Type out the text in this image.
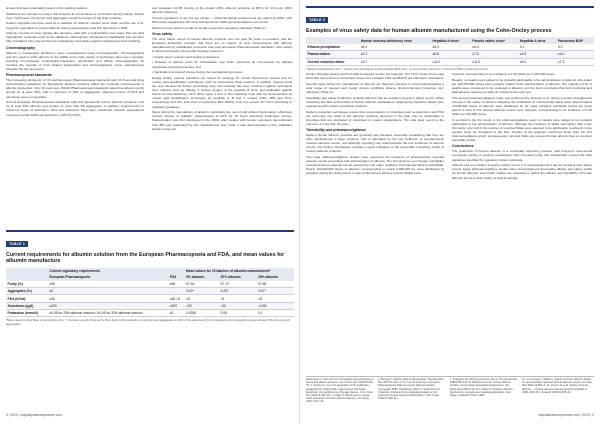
viruses that were potentially present in the starting material.

Stabilisers are included to ensure that proteins do not denature or recombine during heating: without them, high levels of polymers and aggregates would be present in the final container.

Sodium caprylate has been used as a stabiliser for albumin solution since 1944, and the use of N-acetyl-DL-tryptophan to protect albumin during pasteurisation was first described in 1958.

Albumin consists of three cylinder-like domains, each with a hydrophobic inner space that can bind hydrophobic molecules such as the stabilisers. Although the mechanism of stabilisation has not been fully elucidated, they may function by maintaining irreversible reactions following thermal unfolding.

Chromatography

Albumin is occasionally purified by some manufacturers using chromatography. Chromatography was first used to purify albumin in the 1980s and a wide variety of techniques have been reported, including ion-exchange, hydrophobic-interaction, gel-filtration and affinity chromatography. To combine the benefits of both ethanol fractionation and chromatography, some manufacturers integrate the two processes.

Pharmacopoeial standards

The increasing stringency of US and European Pharmacopoeial standards and US Food and Drug Administration guidelines for therapeutic albumin solutions reflect the continual improvements in albumin production. Only 20 years ago, British Pharmacopoeial standards stated that albumin purity should be at least 95%, with a maximum of 10% of aggregates. Maximum levels of PKA and aluminium were not specified.

Current European Pharmacopoeial standards state that therapeutic human albumin solutions must be at least 95% albumin and contain no more than 5% aggregates. In addition, requirements for maximum levels of aluminium, PKA and potassium have been introduced. Albumin preparations must now contain ≤200 µg/l aluminium, ≤35 IU/ml PKA

and potassium ≤0.05 mmol/g of the protein (≤5% albumin solutions at 60°C) for 10 hours (20% albumin solutions).

Current regulations in the US are similar — Pharmacopoeial requirements are stated at ≥96%, with PKA levels regulated at ≤10 IU/ml and aluminium ≤200 µg/l and potassium ≤2 mmol/l.

Modern human albumin products usually exceed the regulatory standards (Table 1).

Virus safety

The virus safety record of human albumin products over the past 60 years is excellent, and the European authorities consider that there are no reports of virus transmissions with albumin manufactured by established processes that meet European Pharmacopoeial standards. Virus safety is achieved through a three-pillar strategy, based on:

• Careful donor selection and testing of donations

• Release of plasma pools for fractionation only when confirmed as non-reactive for defined transfusion-transmitted viruses, and

• Inactivation/removal of viruses during the manufacturing process.

During testing, plasma donations are tested for serology for certain blood-borne viruses and for nucleic acid amplification techniques, such as polymerase chain reaction. In addition, plasma pools are only released for further processing once non-reactivity has been confirmed against serological virus markers such as HBsAg, a surface antigen of the hepatitis B virus, and antibodies against human immunodeficiency virus (HIV) types 1 and 2. Non-reactivity must also be demonstrated by nucleic acid amplification techniques for hepatitis A, B and C viruses (HAV, HBV and HCV, respectively) and HIV, and titres of parvovirus B19 (B19V) must not exceed 10⁴ IU/ml according to regulatory guidance.

Steps during the manufacture of albumin, particularly the use of cold ethanol fractionation, effectively remove viruses. In addition, pasteurisation at 60°C for 10 hours effectively inactivates viruses. Pasteurisation was first introduced in the 1940s after studies with human volunteers demonstrated that HBV was inactivated by this manufacturing step. Later, it was demonstrated in virus validation studies using cell

TABLE 1
Current requirements for albumin solution from the European Pharmacopoeia and FDA, and mean values for albumin manufacture
	Current regulatory requirements		Mean values for 20 batches of albumin manufactured*		
	European Pharmacopoeia	FDA	5% albumin	20% albumin	25% albumin
Purity (%)	≥95	≥96	97.94	97.70	97.65
Aggregates (%)	≤5	–	3.00*	4.25*	3.67*
PKA (IU/ml)	≤35	≤35 / 8	<8	<8	<8
Aluminium (µg/l)	≤200	≤200	<20	<20	<4.55
Potassium (mmol/l)	≤0.05 for 25% albumin solution / ≤0.05 for 20% albumin solution	≤2	0.0035	0.05	0.1
*Mean value for either Base or Hydrophobic form; † Company-specific limits set by FDA; Alerts of the production to polymers and aggregates is ≤10% of the total area of the chromatogram (corresponding to approximately 5% polymers and aggregates).
8 | 2020 | hospitalpharmacyeurope.com
TABLE 2
Examples of virus safety data for human albumin manufactured using the Cohn-Oncley process
	Human immuno-deficiency virus	Hepatitis A virus*	Pseudo rabies virus*	Hepatitis A virus	Parvovirus B19*
Ethanol precipitation	≥5.1	≥5.3	≥4.4	4.1	3.3
Pasteurisation	≥4.7	≥6.8	≥7.5	≥4.9	≥4.0
Overall reduction factor	≥9.7	≥12.1	≥11.9	≥9.0	≥7.3
* Bovine viral diarrhoea virus; † Herpes virus homologue; double-stranded RNA virus – a non-specific model virus; ‡ Parvovirus B19 or canine parvovirus

culture infectivity assays that both lipid-enveloped viruses (for example, HIV, HCV model viruses and West Nile virus) and non-enveloped viruses (for example, HAV and B19V) are effectively inactivated.

Specific steps during the manufacture of albumin are therefore effective in removing/inactivating a wide range of relevant and model viruses exhibiting diverse physicochemical properties very effectively (Table 2).

Tolerability and safety of albumin products Albumin has an excellent long-term safety record. When assessing the risks and benefits of human albumin preparations, judgements should be based upon experience with modern production products.

Modern production techniques ensure that concentrations of impurities such as aluminium and PKA are extremely low. Most of the adverse reactions observed in the past may be attributable to impurities that are eliminated or minimised in modern preparations. The safe track record is the outcome of more than 30 years.

Tolerability and pharmacovigilance

Modern human albumin products are generally well tolerated, especially considering that they are often administered in large volumes. This is illustrated by the low incidence of spontaneously reported adverse events, and although reporting may underestimate the true incidence of adverse events, this finding nonetheless provides a good indication of the favourable tolerability profile of modern albumin products.

Two large pharmacovigilance studies have examined the incidence of spontaneously reported adverse events associated with administration of albumin. The first study by von Hoegen and Waller examined serious adverse events reported by nine major suppliers of therapeutic albumin worldwide. Nearly 100,000,000 doses of albumin, corresponding to nearly 6,000,000 kg, were distributed by suppliers during the study period. A total of 110 serious adverse events (SAEs) were

reported, corresponding to an incidence of 1.29 SAEs per 1,000,000 doses.

Broadly, no deaths were judged to be probably attributable to the administration of albumin. We dealer per 100,000,000 doses were possibly related to the administration of albumin. The majority (71%) of deaths were considered to be unrelated to albumin, and the study concluded that both incidental and fatal adverse reactions to albumin recipients are very rare.

The second pharmacovigilance study was performed by Hessels et al. during a period of heightened interest in the safety of albumin following the publication of controversial safety data. Approximately 16,000,000 doses of albumin were distributed by 10 major suppliers worldwide during the study period. A total of 271 serious adverse events were reported, corresponding to an incidence of 0.18 SAEs per 100,000 doses.

In contrast to the first study, in the pharmacovigilance study no deaths were judged to be probably attributable to the administration of albumin. Although the incidence of SAEs was higher than in the first study, only half of the number of recorded SAEs were deemed to be attributable to albumin in the second study as compared to the first. Results of the analyses confirmed those from the first pharmacovigilance study: spontaneously reported SAEs are rare and human albumin has an excellent tolerability profile.

Conclusions

The production of human albumin is a continually improving process, with long-term commercial companies striving to produce preparations with increased purity that substantially exceed the strict guidelines specified by regulatory bodies worldwide.

Albumin has an excellent long-term safety record; it is well tolerated and has an excellent virus safety record. Large pharmacovigilance studies have demonstrated a favourable efficacy and safety profile for human albumin, and further studies are underway to define the efficacy and tolerability of human albumin across a wide variety of clinical settings.

References 1. Cohn EJ et al. Preparation and properties of serum and plasma proteins. J Am Chem Soc 1946;68:459–75. 2. Oncley JL et al. The separation of the antibodies, isoagglutinins, prothrombin, plasminogen and beta1-lipoprotein into subfractions of human plasma. J Am Chem Soc 1949;71:541–50. 3. Kistler P, Nitschmann H. Large scale production of human plasma fractions. Vox Sang 1962;7:414–24.

4. Burnouf T. Modern plasma fractionation. Transfus Med Rev 2007;21:101–17. 5. Council of Europe. European Pharmacopoeia 10th ed. Human albumin solution monograph 0255. Strasbourg; 2019. 6. Gellis SS et al. Chemical, clinical and immunological studies on the products of human plasma fractionation. J Clin Invest 1948;27:239–44.

7. Finlayson JS. Albumin products. Semin Thromb Hemost 1980;6:85–120. 8. Mathews AJ et al. Human albumin solution: current pharmacopoeial requirements. Clin Pharmacol 2012;4:21–8. 9. Peters T. All about albumin: biochemistry, genetics and medical applications. San Diego: Academic Press; 1996.

10. von Hoegen I, Waller C. Safety of human albumin based on spontaneously reported serious adverse events. Crit Care Med 2001;29:994–6. 11. Vincent JL et al. Safety of human albumin — serious adverse events reported worldwide in 1998–2000. Br J Anaesth 2003;91:625–30.

hospitalpharmacyeurope.com | 2020 | 9
